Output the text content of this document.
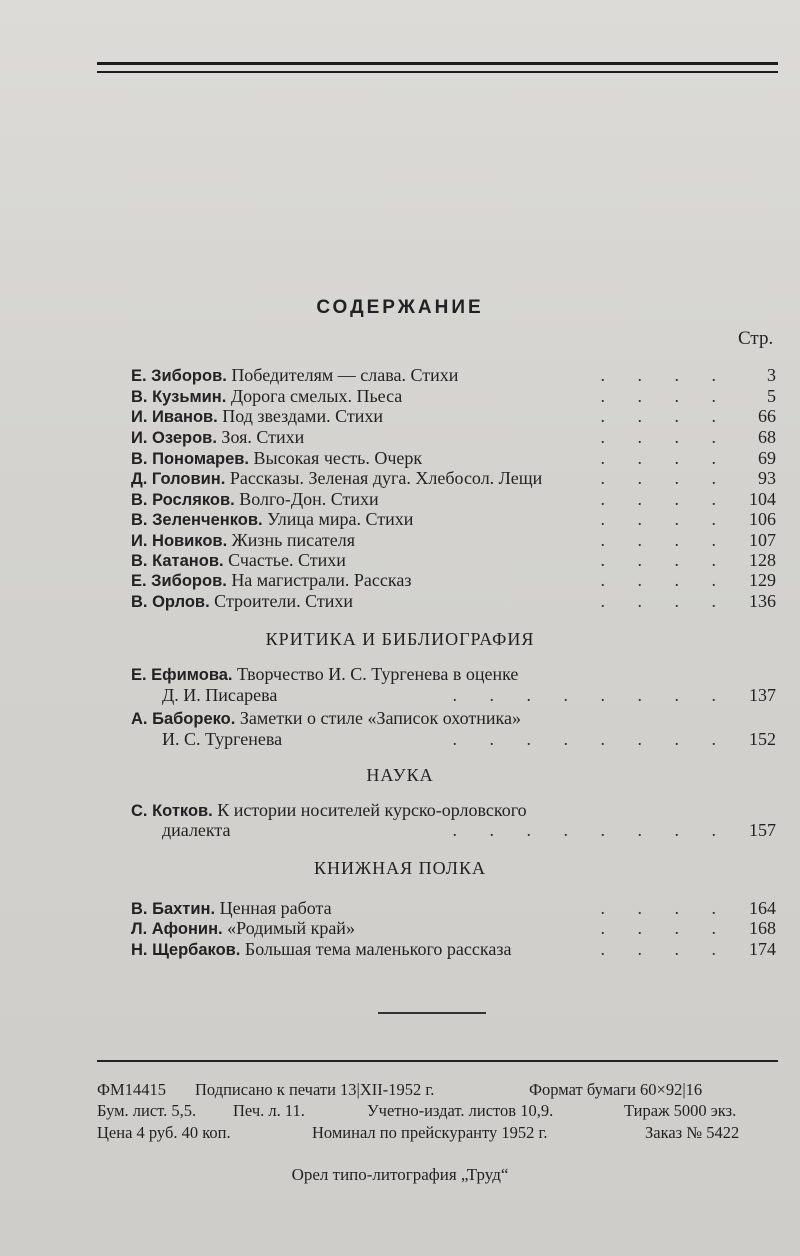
СОДЕРЖАНИЕ
Стр.
Е. Зиборов. Победителям — слава. Стихи	. . . . 3
В. Кузьмин. Дорога смелых. Пьеса	. . . . 5
И. Иванов. Под звездами. Стихи	. . . . 66
И. Озеров. Зоя. Стихи	. . . . 68
В. Пономарев. Высокая честь. Очерк	. . . . 69
Д. Головин. Рассказы. Зеленая дуга. Хлебосол. Лещи	. . . . 93
В. Росляков. Волго-Дон. Стихи	. . . . 104
В. Зеленченков. Улица мира. Стихи	. . . . 106
И. Новиков. Жизнь писателя	. . . . 107
В. Катанов. Счастье. Стихи	. . . . 128
Е. Зиборов. На магистрали. Рассказ	. . . . 129
В. Орлов. Строители. Стихи	. . . . 136
КРИТИКА И БИБЛИОГРАФИЯ
Е. Ефимова. Творчество И. С. Тургенева в оценке
Д. И. Писарева	. . . . . . . . 137
А. Бабореко. Заметки о стиле «Записок охотника»
И. С. Тургенева	. . . . . . . . 152
НАУКА
С. Котков. К истории носителей курско-орловского
диалекта	. . . . . . . . 157
КНИЖНАЯ ПОЛКА
В. Бахтин. Ценная работа	. . . . 164
Л. Афонин. «Родимый край»	. . . . 168
Н. Щербаков. Большая тема маленького рассказа	. . . . 174
ФМ14415 Подписано к печати 13|XII-1952 г.	Формат бумаги 60×92|16
Бум. лист. 5,5. Печ. л. 11.	Учетно-издат. листов 10,9.	Тираж 5000 экз.
Цена 4 руб. 40 коп.	Номинал по прейскуранту 1952 г.	Заказ № 5422
Орел типо-литография „Труд“
